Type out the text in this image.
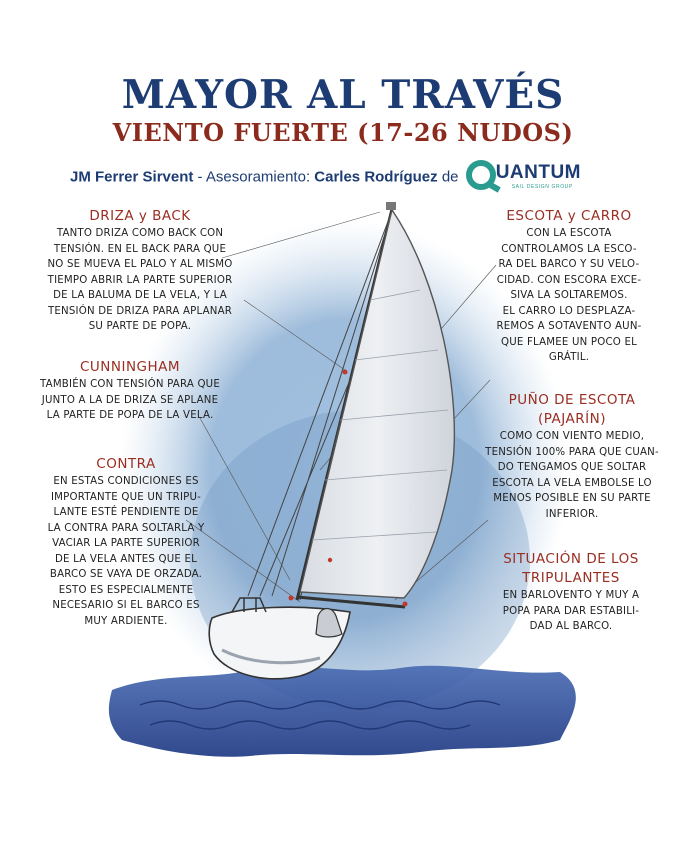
MAYOR AL TRAVÉS
VIENTO FUERTE (17-26 NUDOS)
JM Ferrer Sirvent - Asesoramiento: Carles Rodríguez de UANTUM
SAIL DESIGN GROUP
DRIZA y BACK
TANTO DRIZA COMO BACK CON
TENSIÓN. EN EL BACK PARA QUE
NO SE MUEVA EL PALO Y AL MISMO
TIEMPO ABRIR LA PARTE SUPERIOR
DE LA BALUMA DE LA VELA, Y LA
TENSIÓN DE DRIZA PARA APLANAR
SU PARTE DE POPA.
CUNNINGHAM
TAMBIÉN CON TENSIÓN PARA QUE
JUNTO A LA DE DRIZA SE APLANE
LA PARTE DE POPA DE LA VELA.
CONTRA
EN ESTAS CONDICIONES ES
IMPORTANTE QUE UN TRIPU-
LANTE ESTÉ PENDIENTE DE
LA CONTRA PARA SOLTARLA Y
VACIAR LA PARTE SUPERIOR
DE LA VELA ANTES QUE EL
BARCO SE VAYA DE ORZADA.
ESTO ES ESPECIALMENTE
NECESARIO SI EL BARCO ES
MUY ARDIENTE.
ESCOTA y CARRO
CON LA ESCOTA
CONTROLAMOS LA ESCO-
RA DEL BARCO Y SU VELO-
CIDAD. CON ESCORA EXCE-
SIVA LA SOLTAREMOS.
EL CARRO LO DESPLAZA-
REMOS A SOTAVENTO AUN-
QUE FLAMEE UN POCO EL
GRÁTIL.
PUÑO DE ESCOTA
(PAJARÍN)
COMO CON VIENTO MEDIO,
TENSIÓN 100% PARA QUE CUAN-
DO TENGAMOS QUE SOLTAR
ESCOTA LA VELA EMBOLSE LO
MENOS POSIBLE EN SU PARTE
INFERIOR.
SITUACIÓN DE LOS
TRIPULANTES
EN BARLOVENTO Y MUY A
POPA PARA DAR ESTABILI-
DAD AL BARCO.
